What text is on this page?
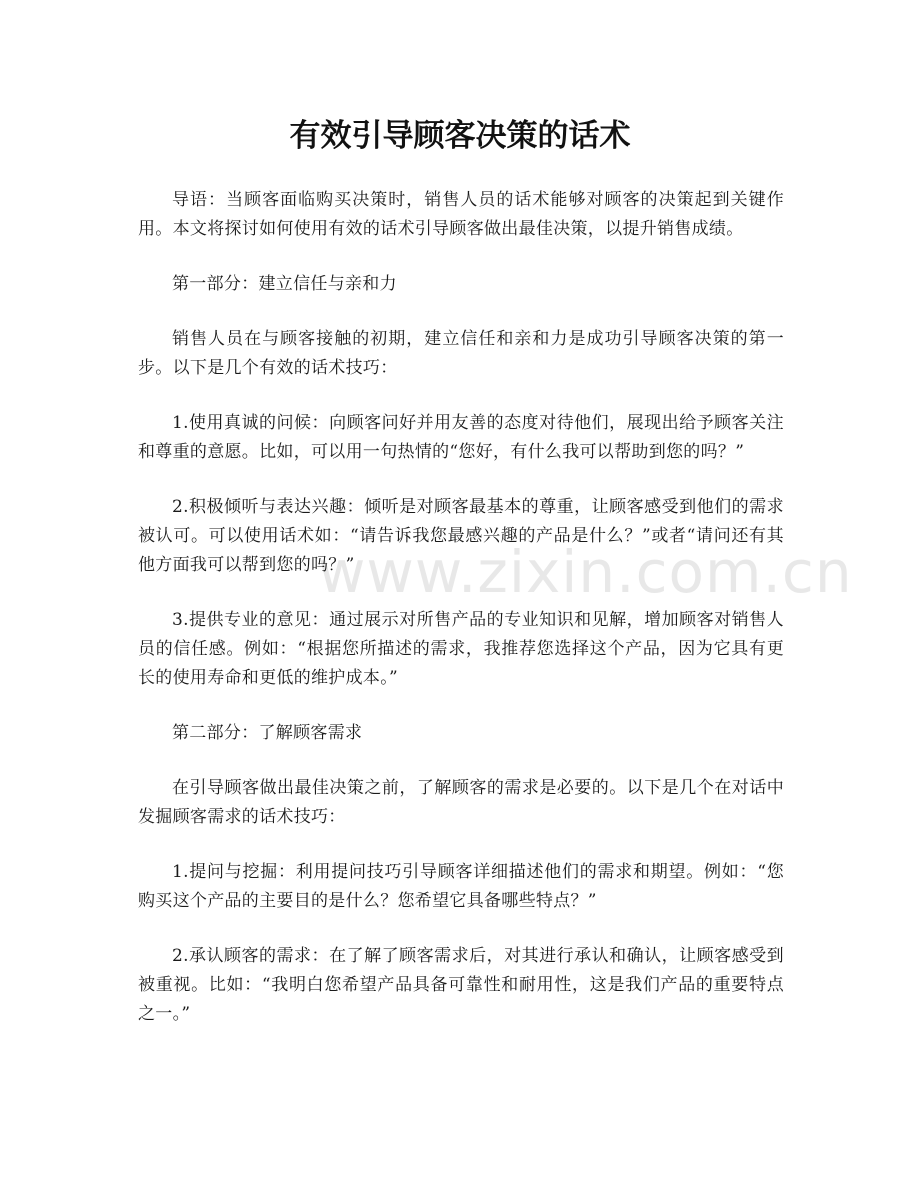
有效引导顾客决策的话术
www.zixin.com.cn

导语：当顾客面临购买决策时，销售人员的话术能够对顾客的决策起到关键作用。本文将探讨如何使用有效的话术引导顾客做出最佳决策，以提升销售成绩。

第一部分：建立信任与亲和力

销售人员在与顾客接触的初期，建立信任和亲和力是成功引导顾客决策的第一步。以下是几个有效的话术技巧：

1.使用真诚的问候：向顾客问好并用友善的态度对待他们，展现出给予顾客关注和尊重的意愿。比如，可以用一句热情的“您好，有什么我可以帮助到您的吗？”

2.积极倾听与表达兴趣：倾听是对顾客最基本的尊重，让顾客感受到他们的需求被认可。可以使用话术如：“请告诉我您最感兴趣的产品是什么？”或者“请问还有其他方面我可以帮到您的吗？”

3.提供专业的意见：通过展示对所售产品的专业知识和见解，增加顾客对销售人员的信任感。例如：“根据您所描述的需求，我推荐您选择这个产品，因为它具有更长的使用寿命和更低的维护成本。”

第二部分：了解顾客需求

在引导顾客做出最佳决策之前，了解顾客的需求是必要的。以下是几个在对话中发掘顾客需求的话术技巧：

1.提问与挖掘：利用提问技巧引导顾客详细描述他们的需求和期望。例如：“您购买这个产品的主要目的是什么？您希望它具备哪些特点？”

2.承认顾客的需求：在了解了顾客需求后，对其进行承认和确认，让顾客感受到被重视。比如：“我明白您希望产品具备可靠性和耐用性，这是我们产品的重要特点之一。”
